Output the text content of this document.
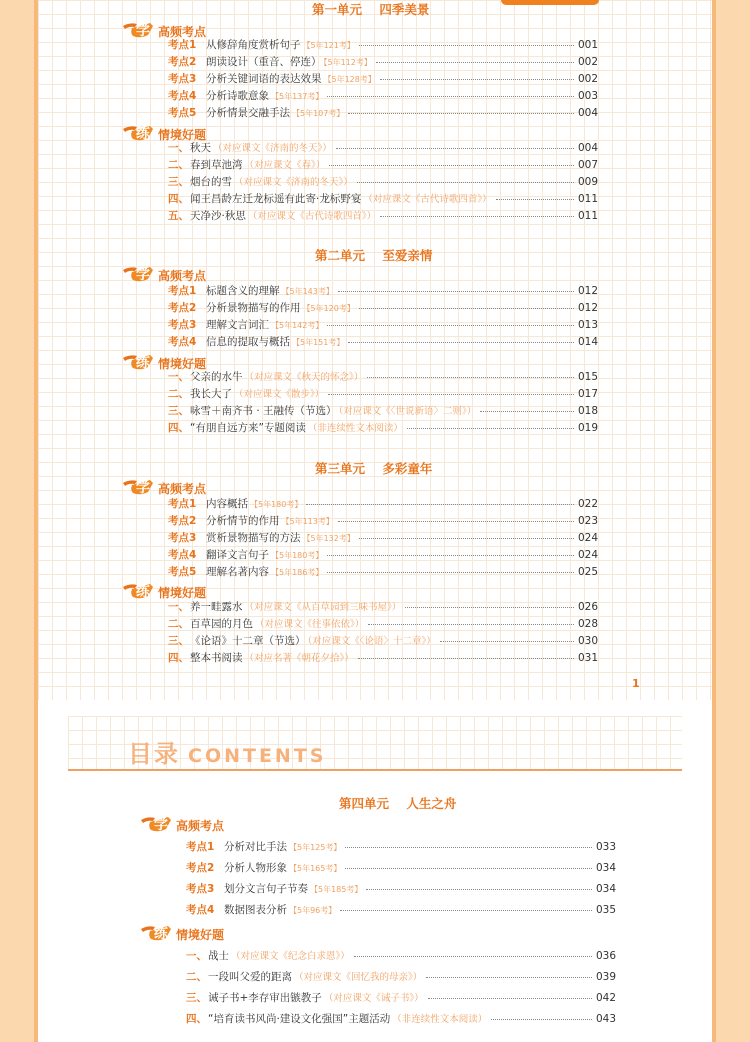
第一单元    四季美景
学 高频考点
考点1 从修辞角度赏析句子 【5年121考】	001
考点2 朗读设计（重音、停连） 【5年112考】	002
考点3 分析关键词语的表达效果 【5年128考】	002
考点4 分析诗歌意象 【5年137考】	003
考点5 分析情景交融手法 【5年107考】	004
练 情境好题
一、 秋天 （对应课文《济南的冬天》）	004
二、 春到草池湾 （对应课文《春》）	007
三、 烟台的雪 （对应课文《济南的冬天》）	009
四、 闻王昌龄左迁龙标遥有此寄·龙标野宴 （对应课文《古代诗歌四首》）	011
五、 天净沙·秋思 （对应课文《古代诗歌四首》）	011
第二单元    至爱亲情
学 高频考点
考点1 标题含义的理解 【5年143考】	012
考点2 分析景物描写的作用 【5年120考】	012
考点3 理解文言词汇 【5年142考】	013
考点4 信息的提取与概括 【5年151考】	014
练 情境好题
一、 父亲的水牛 （对应课文《秋天的怀念》）	015
二、 我长大了 （对应课文《散步》）	017
三、 咏雪＋南齐书 · 王融传（节选） （对应课文《〈世说新语〉二则》）	018
四、 “有朋自远方来”专题阅读 （非连续性文本阅读）	019
第三单元    多彩童年
学 高频考点
考点1 内容概括 【5年180考】	022
考点2 分析情节的作用 【5年113考】	023
考点3 赏析景物描写的方法 【5年132考】	024
考点4 翻译文言句子 【5年180考】	024
考点5 理解名著内容 【5年186考】	025
练 情境好题
一、 养一畦露水 （对应课文《从百草园到三味书屋》）	026
二、 百草园的月色 （对应课文《往事依依》）	028
三、 《论语》十二章（节选） （对应课文《〈论语〉十二章》）	030
四、 整本书阅读 （对应名著《朝花夕拾》）	031
1
目录 CONTENTS
第四单元    人生之舟
学 高频考点
考点1 分析对比手法 【5年125考】	033
考点2 分析人物形象 【5年165考】	034
考点3 划分文言句子节奏 【5年185考】	034
考点4 数据图表分析 【5年96考】	035
练 情境好题
一、 战士 （对应课文《纪念白求恩》）	036
二、 一段叫父爱的距离 （对应课文《回忆我的母亲》）	039
三、 诫子书+李存审出镞教子 （对应课文《诫子书》）	042
四、 “培育读书风尚·建设文化强国”主题活动 （非连续性文本阅读）	043
